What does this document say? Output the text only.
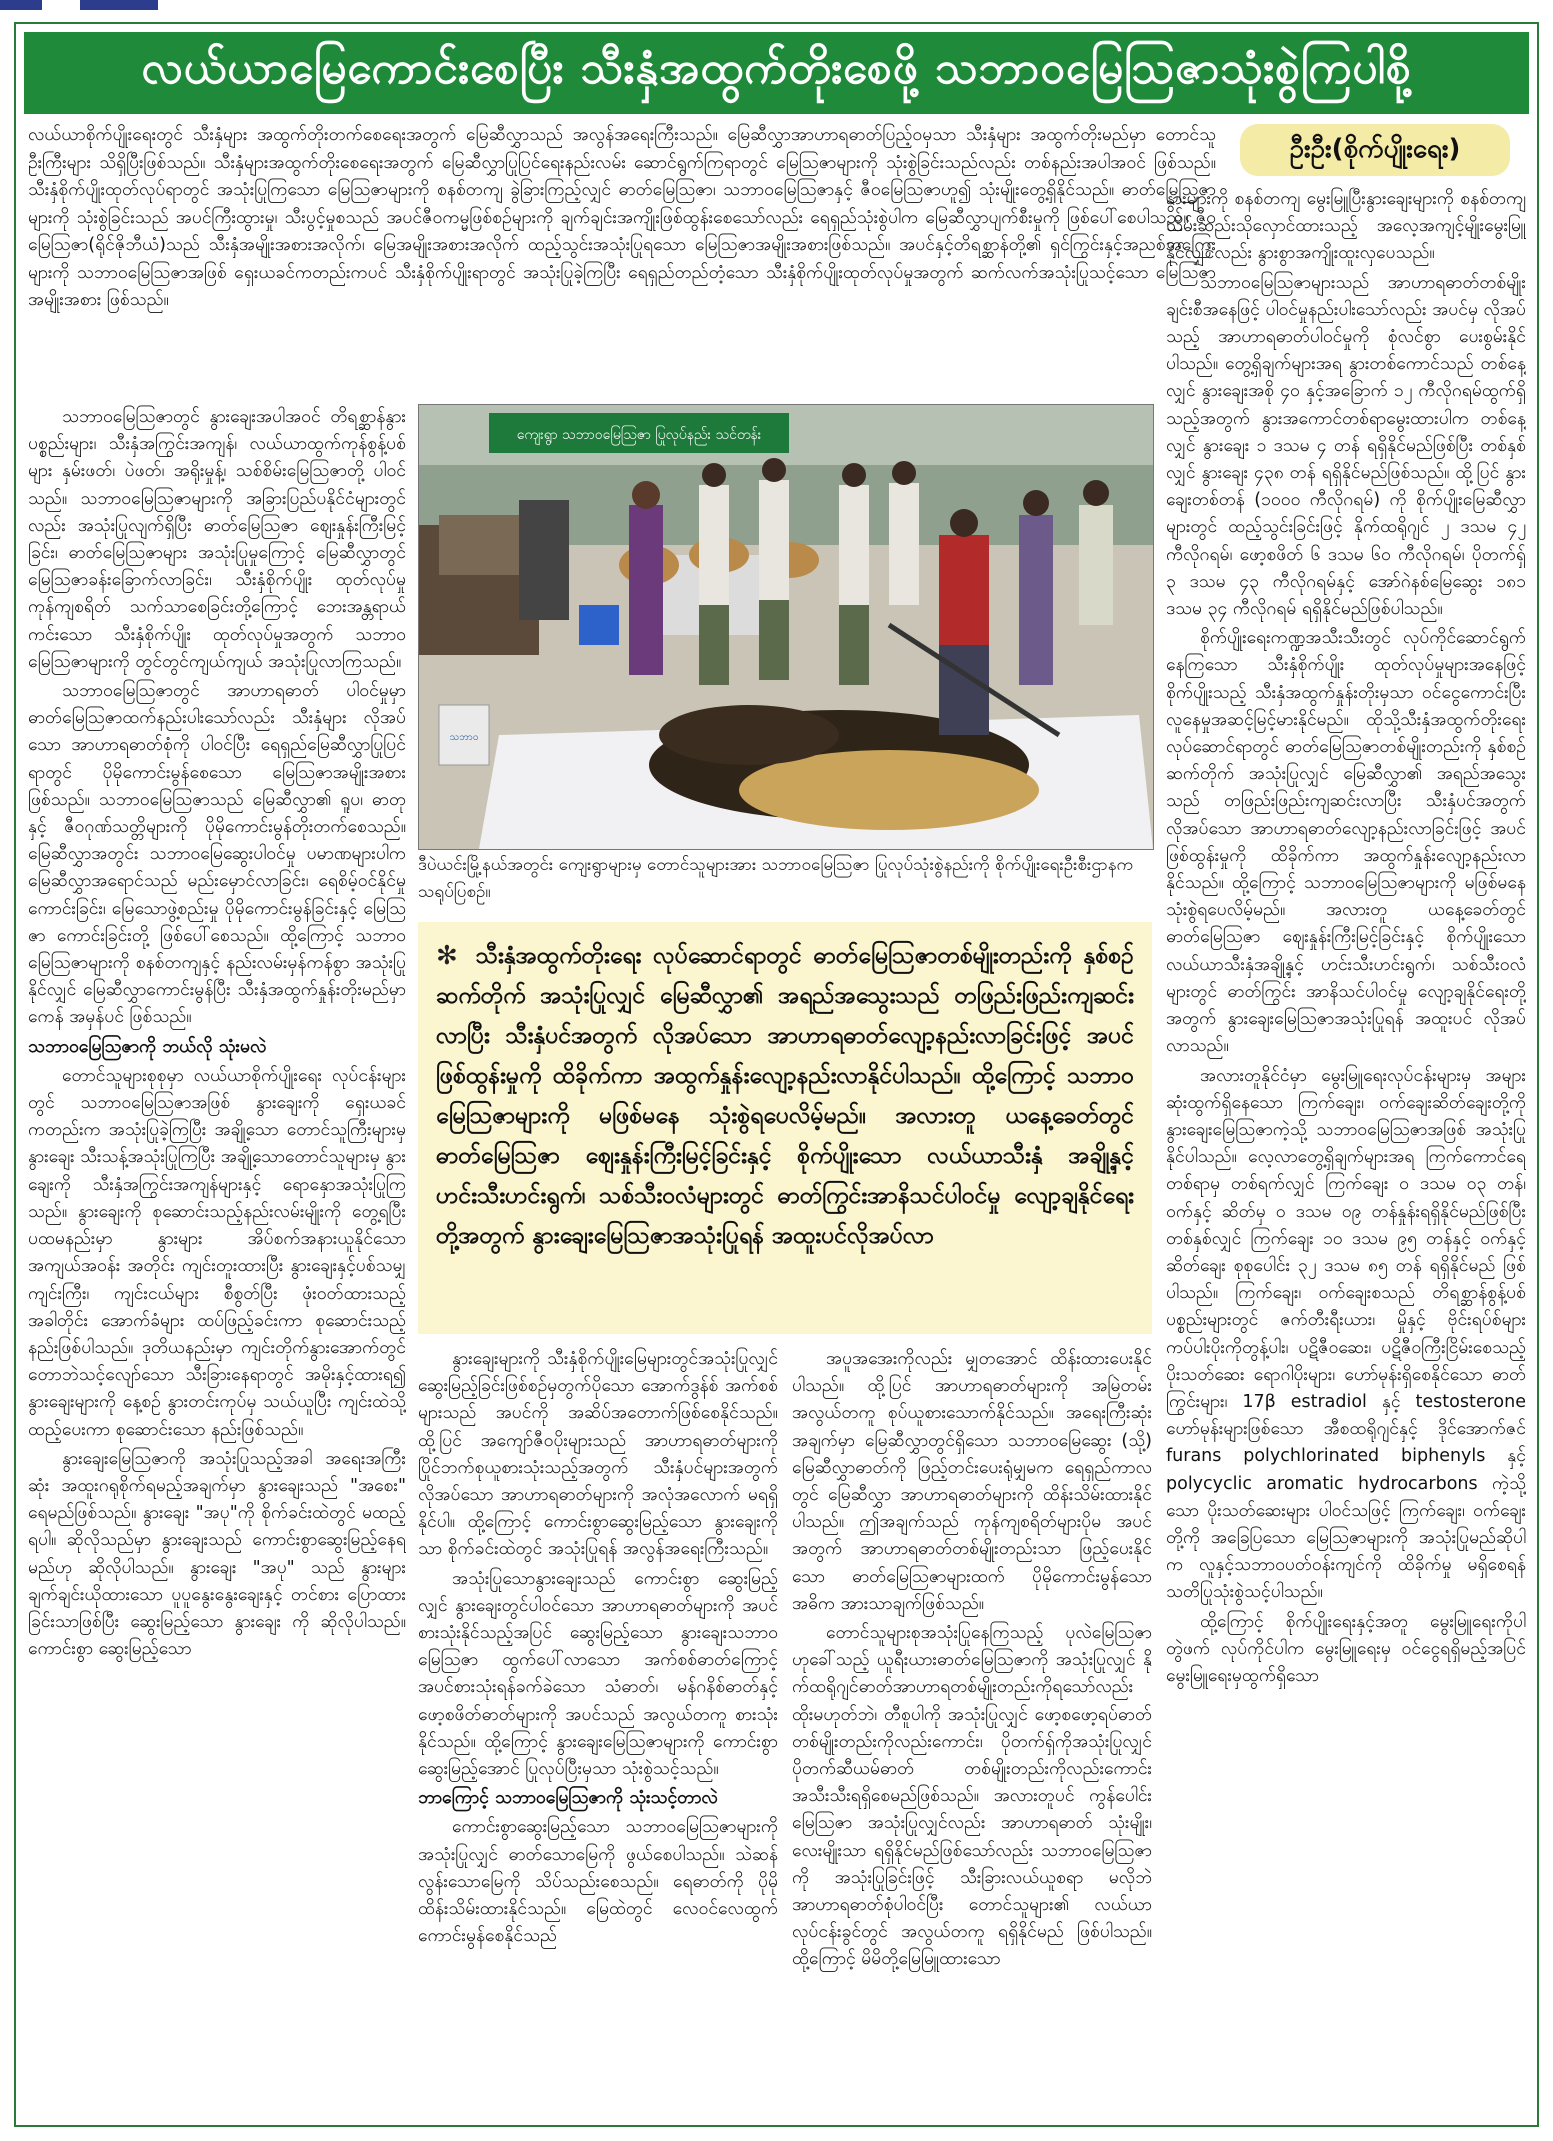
လယ်ယာမြေကောင်းစေပြီး သီးနှံအထွက်တိုးစေဖို့ သဘာဝမြေဩဇာသုံးစွဲကြပါစို့

လယ်ယာစိုက်ပျိုးရေးတွင် သီးနှံများ အထွက်တိုးတက်စေရေးအတွက် မြေဆီလွှာသည် အလွန်အရေးကြီးသည်။ မြေဆီလွှာအာဟာရဓာတ်ပြည့်ဝမှသာ သီးနှံများ အထွက်တိုးမည်မှာ တောင်သူဦးကြီးများ သိရှိပြီးဖြစ်သည်။ သီးနှံများအထွက်တိုးစေရေးအတွက် မြေဆီလွှာပြုပြင်ရေးနည်းလမ်း ဆောင်ရွက်ကြရာတွင် မြေဩဇာများကို သုံးစွဲခြင်းသည်လည်း တစ်နည်းအပါအဝင် ဖြစ်သည်။ သီးနှံစိုက်ပျိုးထုတ်လုပ်ရာတွင် အသုံးပြုကြသော မြေဩဇာများကို စနစ်တကျ ခွဲခြားကြည့်လျှင် ဓာတ်မြေဩဇာ၊ သဘာဝမြေဩဇာနှင့် ဇီဝမြေဩဇာဟူ၍ သုံးမျိုးတွေ့ရှိနိုင်သည်။ ဓာတ်မြေဩဇာများကို သုံးစွဲခြင်းသည် အပင်ကြီးထွားမှု၊ သီးပွင့်မှုစသည် အပင်ဇီဝကမ္မဖြစ်စဉ်များကို ချက်ချင်းအကျိုးဖြစ်ထွန်းစေသော်လည်း ရေရှည်သုံးစွဲပါက မြေဆီလွှာပျက်စီးမှုကို ဖြစ်ပေါ်စေပါသည်။ ဇီဝမြေဩဇာ(ရိုင်ဇိုဘီယံ)သည် သီးနှံအမျိုးအစားအလိုက်၊ မြေအမျိုးအစားအလိုက် ထည့်သွင်းအသုံးပြုရသော မြေဩဇာအမျိုးအစားဖြစ်သည်။ အပင်နှင့်တိရစ္ဆာန်တို့၏ ရှင်ကြွင်းနှင့်အညစ်အကြေးများကို သဘာဝမြေဩဇာအဖြစ် ရှေးယခင်ကတည်းကပင် သီးနှံစိုက်ပျိုးရာတွင် အသုံးပြုခဲ့ကြပြီး ရေရှည်တည်တံ့သော သီးနှံစိုက်ပျိုးထုတ်လုပ်မှုအတွက် ဆက်လက်အသုံးပြုသင့်သော မြေဩဇာအမျိုးအစား ဖြစ်သည်။

ဦးဦး(စိုက်ပျိုးရေး)

သဘာဝမြေဩဇာတွင် နွားချေးအပါအဝင် တိရစ္ဆာန်နွားပစ္စည်းများ၊ သီးနှံအကြွင်းအကျန်၊ လယ်ယာထွက်ကုန်စွန့်ပစ်များ နှမ်းဖတ်၊ ပဲဖတ်၊ အရိုးမှုန့်၊ သစ်စိမ်းမြေဩဇာတို့ ပါဝင်သည်။ သဘာဝမြေဩဇာများကို အခြားပြည်ပနိုင်ငံများတွင်လည်း အသုံးပြုလျက်ရှိပြီး ဓာတ်မြေဩဇာ ဈေးနှုန်းကြီးမြင့်ခြင်း၊ ဓာတ်မြေဩဇာများ အသုံးပြုမှုကြောင့် မြေဆီလွှာတွင် မြေဩဇာခန်းခြောက်လာခြင်း၊ သီးနှံစိုက်ပျိုး ထုတ်လုပ်မှု ကုန်ကျစရိတ် သက်သာစေခြင်းတို့ကြောင့် ဘေးအန္တရာယ်ကင်းသော သီးနှံစိုက်ပျိုး ထုတ်လုပ်မှုအတွက် သဘာဝမြေဩဇာများကို တွင်တွင်ကျယ်ကျယ် အသုံးပြုလာကြသည်။

သဘာဝမြေဩဇာတွင် အာဟာရဓာတ် ပါဝင်မှုမှာ ဓာတ်မြေဩဇာထက်နည်းပါးသော်လည်း သီးနှံများ လိုအပ်သော အာဟာရဓာတ်စုံကို ပါဝင်ပြီး ရေရှည်မြေဆီလွှာပြုပြင်ရာတွင် ပိုမိုကောင်းမွန်စေသော မြေဩဇာအမျိုးအစား ဖြစ်သည်။ သဘာဝမြေဩဇာသည် မြေဆီလွှာ၏ ရူပ၊ ဓာတုနှင့် ဇီဝဂုဏ်သတ္တိများကို ပိုမိုကောင်းမွန်တိုးတက်စေသည်။ မြေဆီလွှာအတွင်း သဘာဝမြေဆွေးပါဝင်မှု ပမာဏများပါက မြေဆီလွှာအရောင်သည် မည်းမှောင်လာခြင်း၊ ရေစိမ့်ဝင်နိုင်မှုကောင်းခြင်း၊ မြေသောဖွဲ့စည်းမှု ပိုမိုကောင်းမွန်ခြင်းနှင့် မြေသြဇာ ကောင်းခြင်းတို့ ဖြစ်ပေါ်စေသည်။ ထို့ကြောင့် သဘာဝမြေဩဇာများကို စနစ်တကျနှင့် နည်းလမ်းမှန်ကန်စွာ အသုံးပြုနိုင်လျှင် မြေဆီလွှာကောင်းမွန်ပြီး သီးနှံအထွက်နှုန်းတိုးမည်မှာ ကေန် အမှန်ပင် ဖြစ်သည်။

သဘာဝမြေဩဇာကို ဘယ်လို သုံးမလဲ

တောင်သူများစုစုမှာ လယ်ယာစိုက်ပျိုးရေး လုပ်ငန်းများတွင် သဘာဝမြေဩဇာအဖြစ် နွားချေးကို ရှေးယခင်ကတည်းက အသုံးပြုခဲ့ကြပြီး အချို့သော တောင်သူကြီးများမှ နွားချေး သီးသန့်အသုံးပြုကြပြီး အချို့သောတောင်သူများမှ နွားချေးကို သီးနှံအကြွင်းအကျန်များနှင့် ရောနှောအသုံးပြုကြသည်။ နွားချေးကို စုဆောင်းသည့်နည်းလမ်းမျိုးကို တွေ့ရပြီး ပထမနည်းမှာ နွားများ အိပ်စက်အနားယူနိုင်သော အကျယ်အဝန်း အတိုင်း ကျင်းတူးထားပြီး နွားချေးနှင့်ပစ်သမျှ ကျင်းကြီး၊ ကျင်းငယ်များ စီစွတ်ပြီး ဖုံးဝတ်ထားသည့် အခါတိုင်း အောက်ခံများ ထပ်ဖြည့်ခင်းကာ စုဆောင်းသည့်နည်းဖြစ်ပါသည်။ ဒုတိယနည်းမှာ ကျင်းတိုက်နွားအောက်တွင် တောဘဲသင့်လျော်သော သီးခြားနေရာတွင် အမိုးနှင့်ထားရ၍ နွားချေးများကို နေ့စဉ် နွားတင်းကုပ်မှ သယ်ယူပြီး ကျင်းထဲသို့ ထည့်ပေးကာ စုဆောင်းသော နည်းဖြစ်သည်။

နွားချေးမြေဩဇာကို အသုံးပြုသည့်အခါ အရေးအကြီးဆုံး အထူးဂရုစိုက်ရမည့်အချက်မှာ နွားချေးသည် "အစေး" ရေမည်ဖြစ်သည်။ နွားချေး "အပု"ကို စိုက်ခင်းထဲတွင် မထည့်ရပါ။ ဆိုလိုသည်မှာ နွားချေးသည် ကောင်းစွာဆွေးမြည့်နေရမည်ဟု ဆိုလိုပါသည်။ နွားချေး "အပု" သည် နွားများ ချက်ချင်းယိုထားသော ပူပူနွေးနွေးချေးနှင့် တင်စား ပြောထားခြင်းသာဖြစ်ပြီး ဆွေးမြည့်သော နွားချေး ကို ဆိုလိုပါသည်။ ကောင်းစွာ ဆွေးမြည့်သော

ကျေးရွာ သဘာဝမြေဩဇာ ပြုလုပ်နည်း သင်တန်း
သဘာဝ
ဒီပဲယင်းမြို့နယ်အတွင်း ကျေးရွာများမှ တောင်သူများအား သဘာဝမြေဩဇာ ပြုလုပ်သုံးစွဲနည်းကို စိုက်ပျိုးရေးဦးစီးဌာနက သရုပ်ပြစဉ်။
✻ သီးနှံအထွက်တိုးရေး လုပ်ဆောင်ရာတွင် ဓာတ်မြေဩဇာတစ်မျိုးတည်းကို နှစ်စဉ်ဆက်တိုက် အသုံးပြုလျှင် မြေဆီလွှာ၏ အရည်အသွေးသည် တဖြည်းဖြည်းကျဆင်းလာပြီး သီးနှံပင်အတွက် လိုအပ်သော အာဟာရဓာတ်လျော့နည်းလာခြင်းဖြင့် အပင်ဖြစ်ထွန်းမှုကို ထိခိုက်ကာ အထွက်နှုန်းလျော့နည်းလာနိုင်ပါသည်။ ထို့ကြောင့် သဘာဝမြေဩဇာများကို မဖြစ်မနေ သုံးစွဲရပေလိမ့်မည်။ အလားတူ ယနေ့ခေတ်တွင် ဓာတ်မြေဩဇာ ဈေးနှုန်းကြီးမြင့်ခြင်းနှင့် စိုက်ပျိုးသော လယ်ယာသီးနှံ အချို့နှင့် ဟင်းသီးဟင်းရွက်၊ သစ်သီးဝလံများတွင် ဓာတ်ကြွင်းအာနိသင်ပါဝင်မှု လျော့ချနိုင်ရေးတို့အတွက် နွားချေးမြေဩဇာအသုံးပြုရန် အထူးပင်လိုအပ်လာ

နွားချေးများကို သီးနှံစိုက်ပျိုးမြေများတွင်အသုံးပြုလျှင် ဆွေးမြည့်ခြင်းဖြစ်စဉ်မှတွက်ပိုသော အောက်ဒွန်စ် အက်စစ်များသည် အပင်ကို အဆိပ်အတောက်ဖြစ်စေနိုင်သည်။ ထို့ပြင် အကျော်ဇီဝပိုးများသည် အာဟာရဓာတ်များကို ပြိုင်ဘက်စုယူစားသုံးသည့်အတွက် သီးနှံပင်များအတွက် လိုအပ်သော အာဟာရဓာတ်များကို အလုံအလောက် မရရှိနိုင်ပါ။ ထို့ကြောင့် ကောင်းစွာဆွေးမြည့်သော နွားချေးကိုသာ စိုက်ခင်းထဲတွင် အသုံးပြုရန် အလွန်အရေးကြီးသည်။

အသုံးပြုသောနွားချေးသည် ကောင်းစွာ ဆွေးမြည့်လျှင် နွားချေးတွင်ပါဝင်သော အာဟာရဓာတ်များကို အပင်စားသုံးနိုင်သည့်အပြင် ဆွေးမြည့်သော နွားချေးသဘာဝမြေဩဇာ ထွက်ပေါ်လာသော အက်စစ်ဓာတ်ကြောင့် အပင်စားသုံးရန်ခက်ခဲသော သံဓာတ်၊ မန်ဂနိစ်ဓာတ်နှင့် ဖော့စဖိတ်ဓာတ်များကို အပင်သည် အလွယ်တကူ စားသုံးနိုင်သည်။ ထို့ကြောင့် နွားချေးမြေဩဇာများကို ကောင်းစွာဆွေးမြည့်အောင် ပြုလုပ်ပြီးမှသာ သုံးစွဲသင့်သည်။

ဘာကြောင့် သဘာဝမြေဩဇာကို သုံးသင့်တာလဲ

ကောင်းစွာဆွေးမြည့်သော သဘာဝမြေဩဇာများကို အသုံးပြုလျှင် ဓာတ်သောမြေကို ဖွယ်စေပါသည်။ သဲဆန်လွန်းသောမြေကို သိပ်သည်းစေသည်။ ရေဓာတ်ကို ပိုမိုထိန်းသိမ်းထားနိုင်သည်။ မြေထဲတွင် လေဝင်လေထွက် ကောင်းမွန်စေနိုင်သည်

အပူအအေးကိုလည်း မျှတအောင် ထိန်းထားပေးနိုင်ပါသည်။ ထို့ပြင် အာဟာရဓာတ်များကို အမြဲတမ်း အလွယ်တကူ စုပ်ယူစားသောက်နိုင်သည်။ အရေးကြီးဆုံးအချက်မှာ မြေဆီလွှာတွင်ရှိသော သဘာဝမြေဆွေး (သို့) မြေဆီလွှာဓာတ်ကို ဖြည့်တင်းပေးရုံမျှမက ရေရှည်ကာလတွင် မြေဆီလွှာ အာဟာရဓာတ်များကို ထိန်းသိမ်းထားနိုင်ပါသည်။ ဤအချက်သည် ကုန်ကျစရိတ်များပိုမ အပင်အတွက် အာဟာရဓာတ်တစ်မျိုးတည်းသာ ဖြည့်ပေးနိုင်သော ဓာတ်မြေဩဇာများထက် ပိုမိုကောင်းမွန်သော အဓိက အားသာချက်ဖြစ်သည်။

တောင်သူများစုအသုံးပြုနေကြသည့် ပုလဲမြေဩဇာဟုခေါ်သည့် ယူရီးယားဓာတ်မြေဩဇာကို အသုံးပြုလျှင် နိုက်ထရိုဂျင်ဓာတ်အာဟာရတစ်မျိုးတည်းကိုရသော်လည်း ထိုးမဟုတ်ဘဲ၊ တီစူပါကို အသုံးပြုလျှင် ဖော့စဖော့ရပ်ဓာတ်တစ်မျိုးတည်းကိုလည်းကောင်း၊ ပိုတက်ရှ်ကိုအသုံးပြုလျှင် ပိုတက်ဆီယမ်ဓာတ် တစ်မျိုးတည်းကိုလည်းကောင်း အသီးသီးရရှိစေမည်ဖြစ်သည်။ အလားတူပင် ကွန်ပေါင်းမြေဩဇာ အသုံးပြုလျှင်လည်း အာဟာရဓာတ် သုံးမျိုး၊ လေးမျိုးသာ ရရှိနိုင်မည်ဖြစ်သော်လည်း သဘာဝမြေဩဇာကို အသုံးပြုခြင်းဖြင့် သီးခြားလယ်ယူစရာ မလိုဘဲ အာဟာရဓာတ်စုံပါဝင်ပြီး တောင်သူများ၏ လယ်ယာလုပ်ငန်းခွင်တွင် အလွယ်တကူ ရရှိနိုင်မည် ဖြစ်ပါသည်။ ထို့ကြောင့် မိမိတို့မြေမြူထားသော

နွားများကို စနစ်တကျ မွေးမြူပြီးနွားချေးများကို စနစ်တကျ သိမ်းဆည်းသိုလှောင်ထားသည့် အလေ့အကျင့်မျိုးမွေးမြူနိုင်လျှင်လည်း နွားစွာအကျိုးထူးလှပေသည်။

သဘာဝမြေဩဇာများသည် အာဟာရဓာတ်တစ်မျိုးချင်းစီအနေဖြင့် ပါဝင်မှုနည်းပါးသော်လည်း အပင်မှ လိုအပ်သည့် အာဟာရဓာတ်ပါဝင်မှုကို စုံလင်စွာ ပေးစွမ်းနိုင်ပါသည်။ တွေ့ရှိချက်များအရ နွားတစ်ကောင်သည် တစ်နေ့လျှင် နွားချေးအစို ၄၀ နှင့်အခြောက် ၁၂ ကီလိုဂရမ်ထွက်ရှိသည့်အတွက် နွားအကောင်တစ်ရာမွေးထားပါက တစ်နေ့လျှင် နွားချေး ၁ ဒသမ ၄ တန် ရရှိနိုင်မည်ဖြစ်ပြီး တစ်နှစ်လျှင် နွားချေး ၄၃၈ တန် ရရှိနိုင်မည်ဖြစ်သည်။ ထို့ပြင် နွားချေးတစ်တန် (၁၀၀၀ ကီလိုဂရမ်) ကို စိုက်ပျိုးမြေဆီလွှာများတွင် ထည့်သွင်းခြင်းဖြင့် နိုက်ထရိုဂျင် ၂ ဒသမ ၄၂ ကီလိုဂရမ်၊ ဖော့စဖိတ် ၆ ဒသမ ၆၀ ကီလိုဂရမ်၊ ပိုတက်ရှ် ၃ ဒသမ ၄၃ ကီလိုဂရမ်နှင့် အော်ဂဲနစ်မြေဆွေး ၁၈၁ ဒသမ ၃၄ ကီလိုဂရမ် ရရှိနိုင်မည်ဖြစ်ပါသည်။

စိုက်ပျိုးရေးကဏ္ဍအသီးသီးတွင် လုပ်ကိုင်ဆောင်ရွက်နေကြသော သီးနှံစိုက်ပျိုး ထုတ်လုပ်မှုများအနေဖြင့် စိုက်ပျိုးသည့် သီးနှံအထွက်နှုန်းတိုးမှသာ ဝင်ငွေကောင်းပြီး လူနေမှုအဆင့်မြင့်မားနိုင်မည်။ ထိုသို့သီးနှံအထွက်တိုးရေး လုပ်ဆောင်ရာတွင် ဓာတ်မြေဩဇာတစ်မျိုးတည်းကို နှစ်စဉ်ဆက်တိုက် အသုံးပြုလျှင် မြေဆီလွှာ၏ အရည်အသွေးသည် တဖြည်းဖြည်းကျဆင်းလာပြီး သီးနှံပင်အတွက် လိုအပ်သော အာဟာရဓာတ်လျော့နည်းလာခြင်းဖြင့် အပင်ဖြစ်ထွန်းမှုကို ထိခိုက်ကာ အထွက်နှုန်းလျော့နည်းလာနိုင်သည်။ ထို့ကြောင့် သဘာဝမြေဩဇာများကို မဖြစ်မနေ သုံးစွဲရပေလိမ့်မည်။ အလားတူ ယနေ့ခေတ်တွင် ဓာတ်မြေဩဇာ ဈေးနှုန်းကြီးမြင့်ခြင်းနှင့် စိုက်ပျိုးသော လယ်ယာသီးနှံအချို့နှင့် ဟင်းသီးဟင်းရွက်၊ သစ်သီးဝလံများတွင် ဓာတ်ကြွင်း အာနိသင်ပါဝင်မှု လျော့ချနိုင်ရေးတို့အတွက် နွားချေးမြေဩဇာအသုံးပြုရန် အထူးပင် လိုအပ်လာသည်။

အလားတူနိုင်ငံမှာ မွေးမြူရေးလုပ်ငန်းများမှ အများဆုံးထွက်ရှိနေသော ကြက်ချေး၊ ဝက်ချေးဆိတ်ချေးတို့ကို နွားချေးမြေဩဇာကဲ့သို့ သဘာဝမြေဩဇာအဖြစ် အသုံးပြုနိုင်ပါသည်။ လေ့လာတွေ့ရှိချက်များအရ ကြက်ကောင်ရေတစ်ရာမှ တစ်ရက်လျှင် ကြက်ချေး ၀ ဒသမ ၀၃ တန်၊ ဝက်နှင့် ဆိတ်မှ ၀ ဒသမ ၀၉ တန်နှုန်းရရှိနိုင်မည်ဖြစ်ပြီး တစ်နှစ်လျှင် ကြက်ချေး ၁၀ ဒသမ ၉၅ တန်နှင့် ဝက်နှင့်ဆိတ်ချေး စုစုပေါင်း ၃၂ ဒသမ ၈၅ တန် ရရှိနိုင်မည် ဖြစ်ပါသည်။ ကြက်ချေး၊ ဝက်ချေးစသည် တိရစ္ဆာန်စွန့်ပစ်ပစ္စည်းများတွင် ဇက်တီးရီးယား၊ မှိုနှင့် ဗိုင်းရပ်စ်များ ကပ်ပါးပိုးကိုတွန့်ပါး၊ ပဋိဇီဝဆေး၊ ပဋိဇီဝကြီးငြိမ်းစေသည့် ပိုးသတ်ဆေး ရောဂါပိုးများ၊ ဟော်မုန်းရှိစေနိုင်သော ဓာတ်ကြွင်းများ၊ 17β estradiol နှင့် testosterone ဟော်မုန်းများဖြစ်သော အီစထရိုဂျင်နှင့် ဒိုင်အောက်ဇင် furans polychlorinated biphenyls နှင့် polycyclic aromatic hydrocarbons ကဲ့သို့သော ပိုးသတ်ဆေးများ ပါဝင်သဖြင့် ကြက်ချေး၊ ဝက်ချေးတို့ကို အခြေပြသော မြေဩဇာများကို အသုံးပြုမည်ဆိုပါက လူနှင့်သဘာဝပတ်ဝန်းကျင်ကို ထိခိုက်မှု မရှိစေရန် သတိပြုသုံးစွဲသင့်ပါသည်။

ထို့ကြောင့် စိုက်ပျိုးရေးနှင့်အတူ မွေးမြူရေးကိုပါ တွဲဖက် လုပ်ကိုင်ပါက မွေးမြူရေးမှ ဝင်ငွေရရှိမည့်အပြင် မွေးမြူရေးမှထွက်ရှိသော
